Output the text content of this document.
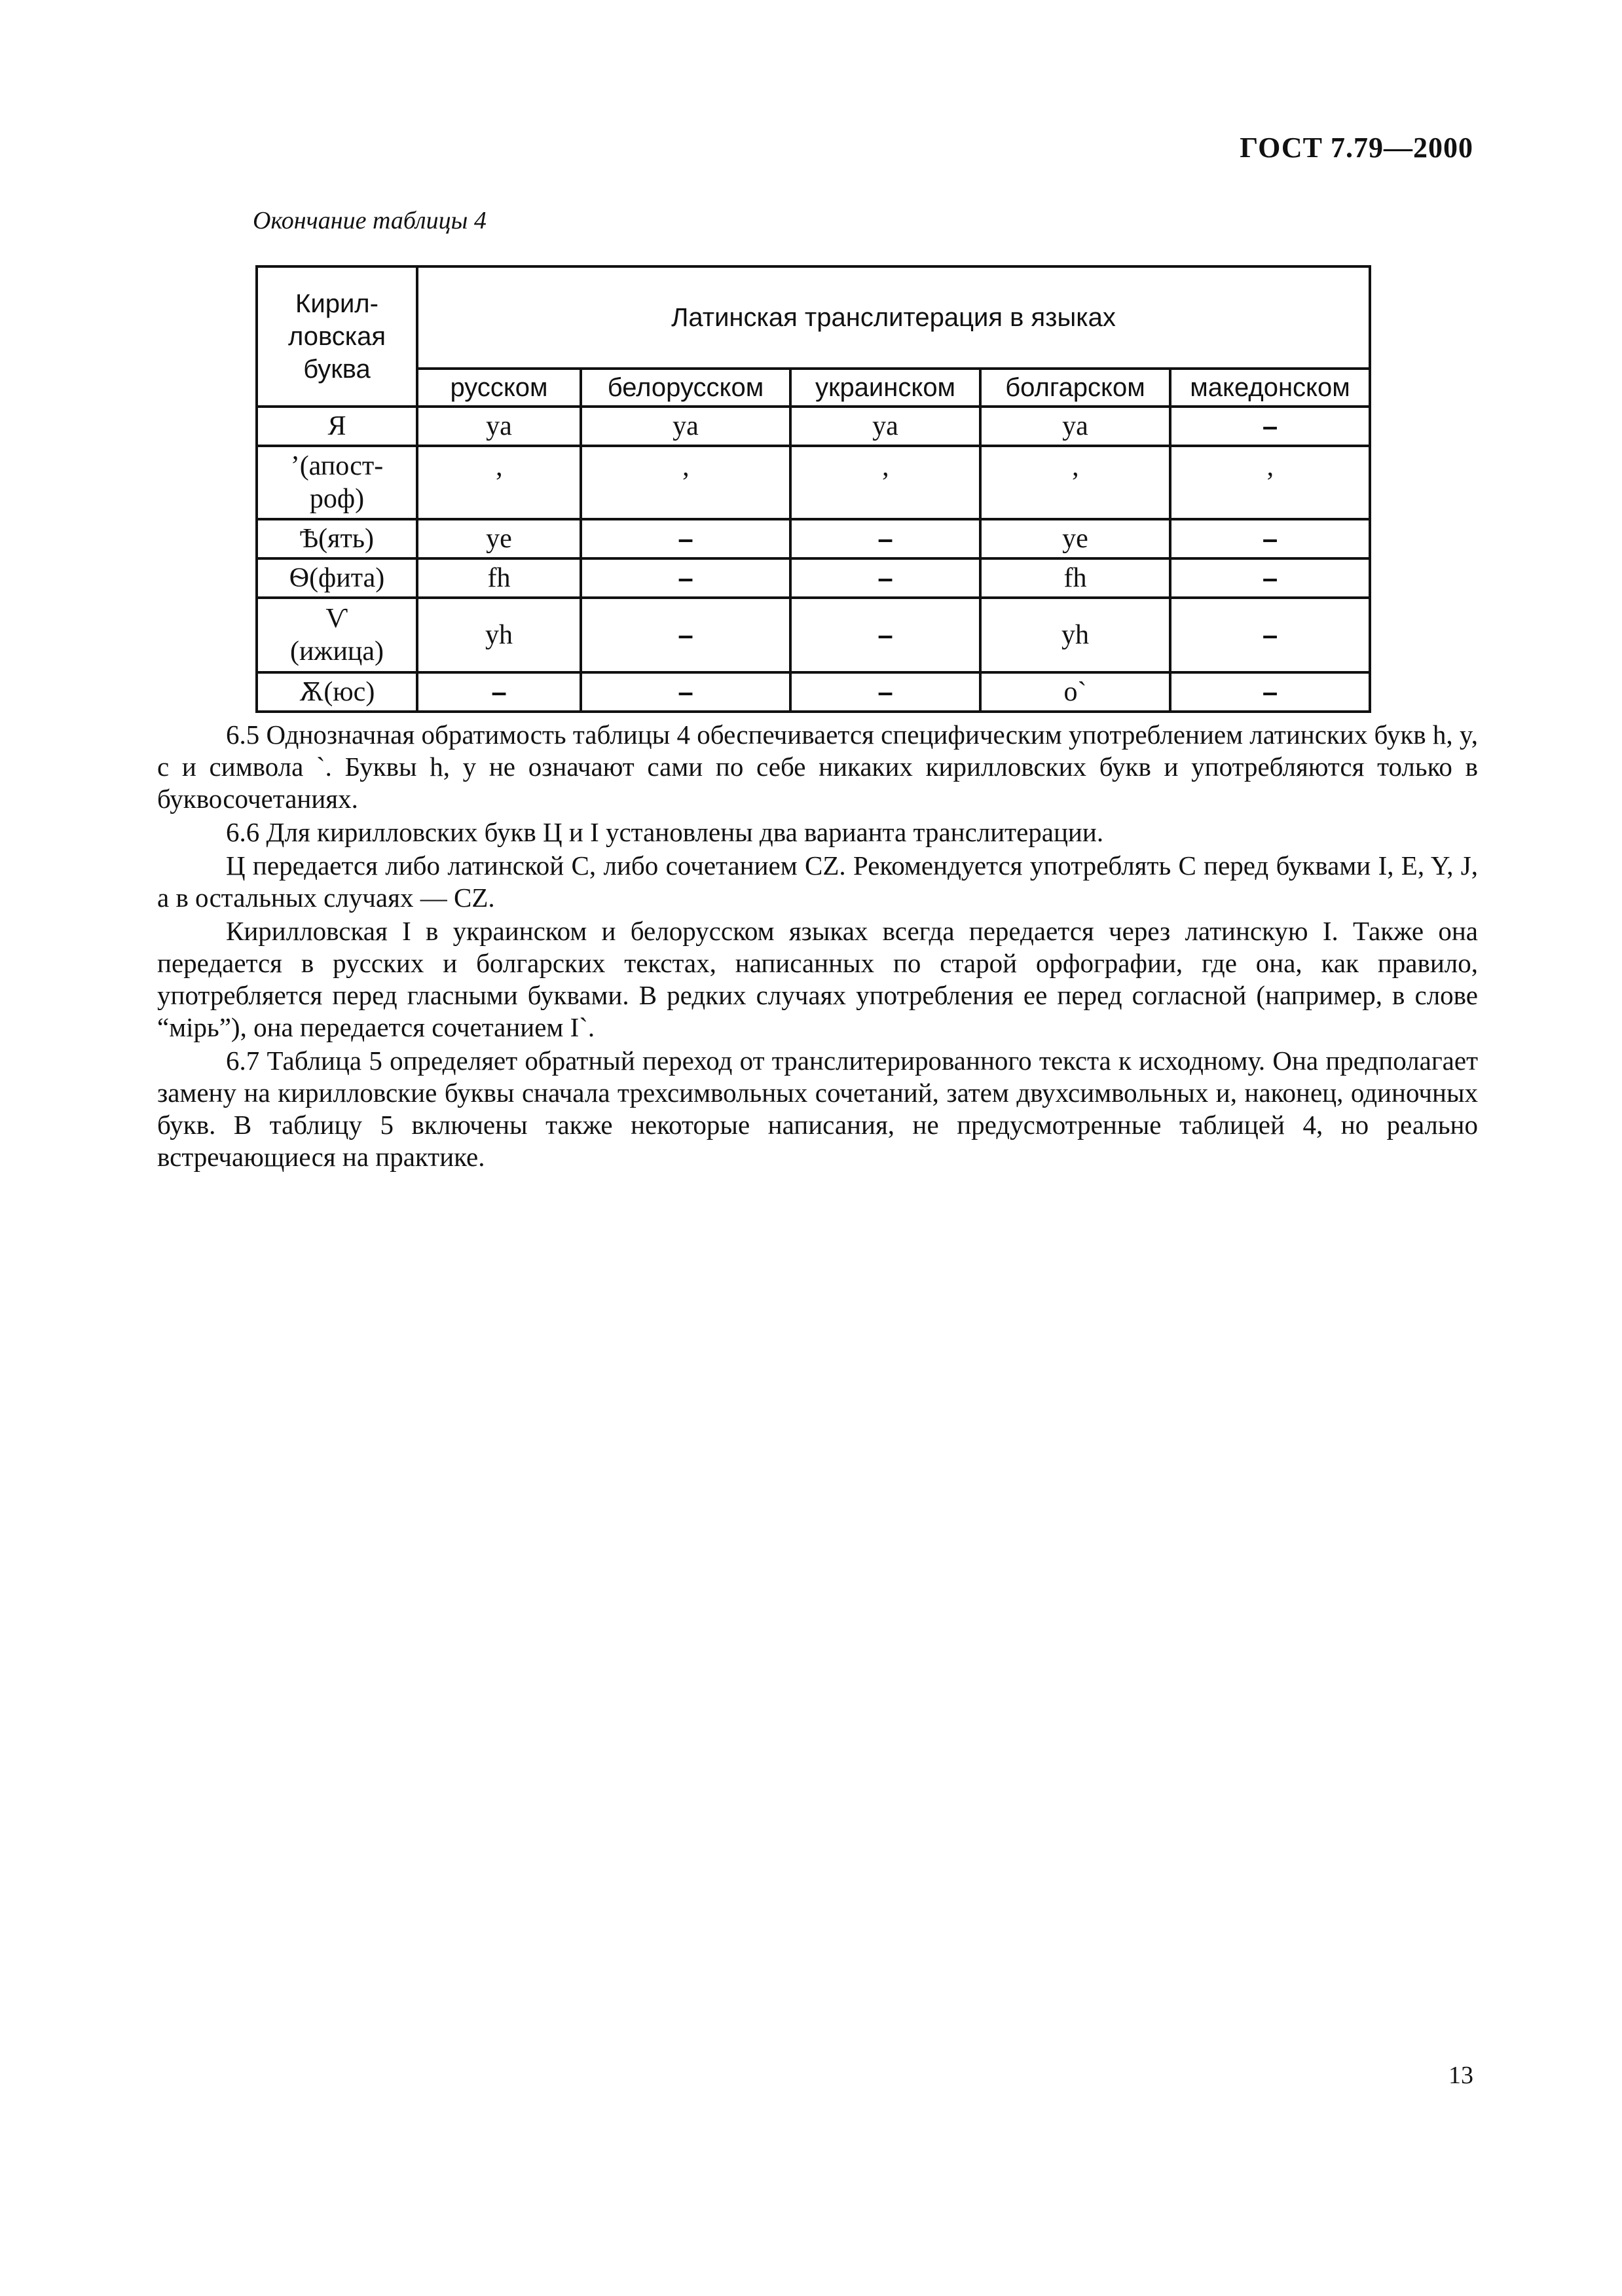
ГОСТ 7.79—2000
Окончание таблицы 4
Кирил-
ловская
буква	Латинская транслитерация в языках				
	русском	белорусском	украинском	болгарском	македонском
Я	ya	ya	ya	ya	–
’(апост-
роф)	’	’	’	’	’
Ѣ(ять)	ye	–	–	ye	–
Ѳ(фита)	fh	–	–	fh	–
Ѵ
(ижица)	yh	–	–	yh	–
Ѫ(юс)	–	–	–	o`	–

6.5 Однозначная обратимость таблицы 4 обеспечивается специфическим употреблением латинских букв h, y, c и символа `. Буквы h, y не означают сами по себе никаких кирилловских букв и употребляются только в буквосочетаниях.

6.6 Для кирилловских букв Ц и I установлены два варианта транслитерации.

Ц передается либо латинской C, либо сочетанием CZ. Рекомендуется употреблять C перед буквами I, E, Y, J, а в остальных случаях — CZ.

Кирилловская I в украинском и белорусском языках всегда передается через латинскую I. Также она передается в русских и болгарских текстах, написанных по старой орфографии, где она, как правило, употребляется перед гласными буквами. В редких случаях употребления ее перед согласной (например, в слове “мірь”), она передается сочетанием I`.

6.7 Таблица 5 определяет обратный переход от транслитерированного текста к исходному. Она предполагает замену на кирилловские буквы сначала трехсимвольных сочетаний, затем двухсимвольных и, наконец, одиночных букв. В таблицу 5 включены также некоторые написания, не предусмотренные таблицей 4, но реально встречающиеся на практике.

13
